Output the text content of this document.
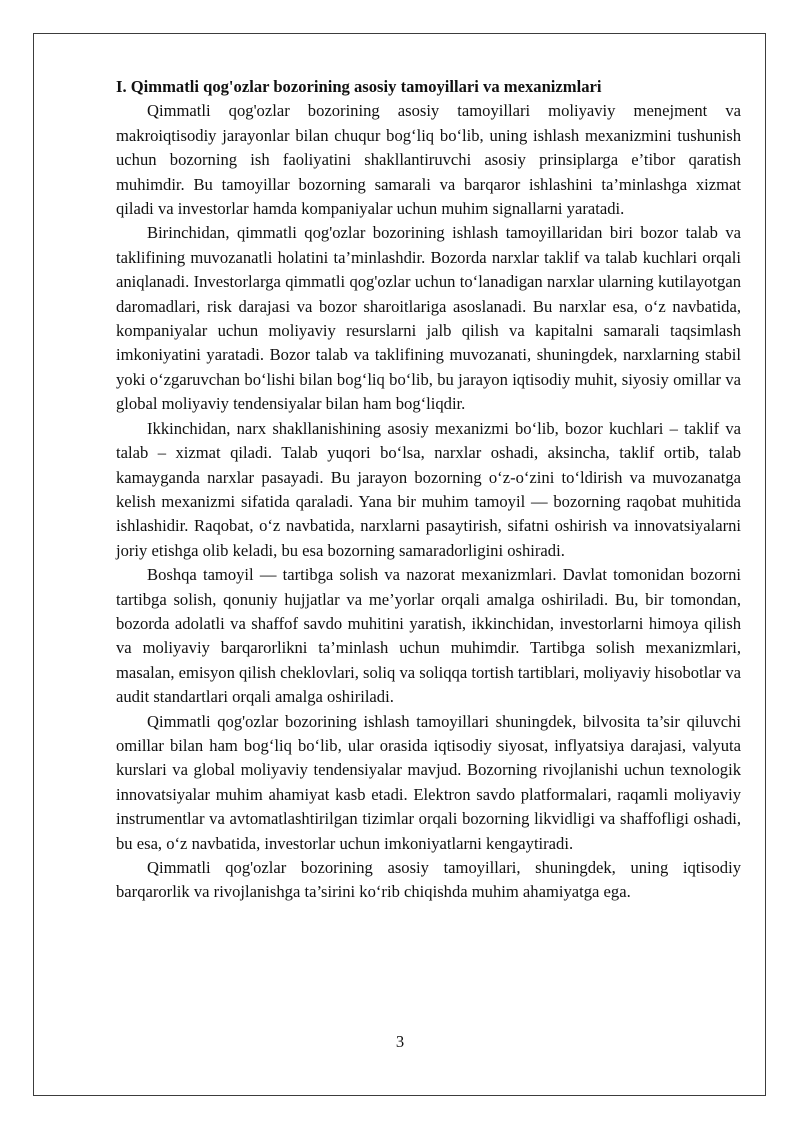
I. Qimmatli qog'ozlar bozorining asosiy tamoyillari va mexanizmlari

Qimmatli qog'ozlar bozorining asosiy tamoyillari moliyaviy menejment va makroiqtisodiy jarayonlar bilan chuqur bog‘liq bo‘lib, uning ishlash mexanizmini tushunish uchun bozorning ish faoliyatini shakllantiruvchi asosiy prinsiplarga e’tibor qaratish muhimdir. Bu tamoyillar bozorning samarali va barqaror ishlashini ta’minlashga xizmat qiladi va investorlar hamda kompaniyalar uchun muhim signallarni yaratadi.

Birinchidan, qimmatli qog'ozlar bozorining ishlash tamoyillaridan biri bozor talab va taklifining muvozanatli holatini ta’minlashdir. Bozorda narxlar taklif va talab kuchlari orqali aniqlanadi. Investorlarga qimmatli qog'ozlar uchun to‘lanadigan narxlar ularning kutilayotgan daromadlari, risk darajasi va bozor sharoitlariga asoslanadi. Bu narxlar esa, o‘z navbatida, kompaniyalar uchun moliyaviy resurslarni jalb qilish va kapitalni samarali taqsimlash imkoniyatini yaratadi. Bozor talab va taklifining muvozanati, shuningdek, narxlarning stabil yoki o‘zgaruvchan bo‘lishi bilan bog‘liq bo‘lib, bu jarayon iqtisodiy muhit, siyosiy omillar va global moliyaviy tendensiyalar bilan ham bog‘liqdir.

Ikkinchidan, narx shakllanishining asosiy mexanizmi bo‘lib, bozor kuchlari – taklif va talab – xizmat qiladi. Talab yuqori bo‘lsa, narxlar oshadi, aksincha, taklif ortib, talab kamayganda narxlar pasayadi. Bu jarayon bozorning o‘z-o‘zini to‘ldirish va muvozanatga kelish mexanizmi sifatida qaraladi. Yana bir muhim tamoyil — bozorning raqobat muhitida ishlashidir. Raqobat, o‘z navbatida, narxlarni pasaytirish, sifatni oshirish va innovatsiyalarni joriy etishga olib keladi, bu esa bozorning samaradorligini oshiradi.

Boshqa tamoyil — tartibga solish va nazorat mexanizmlari. Davlat tomonidan bozorni tartibga solish, qonuniy hujjatlar va me’yorlar orqali amalga oshiriladi. Bu, bir tomondan, bozorda adolatli va shaffof savdo muhitini yaratish, ikkinchidan, investorlarni himoya qilish va moliyaviy barqarorlikni ta’minlash uchun muhimdir. Tartibga solish mexanizmlari, masalan, emisyon qilish cheklovlari, soliq va soliqqa tortish tartiblari, moliyaviy hisobotlar va audit standartlari orqali amalga oshiriladi.

Qimmatli qog'ozlar bozorining ishlash tamoyillari shuningdek, bilvosita ta’sir qiluvchi omillar bilan ham bog‘liq bo‘lib, ular orasida iqtisodiy siyosat, inflyatsiya darajasi, valyuta kurslari va global moliyaviy tendensiyalar mavjud. Bozorning rivojlanishi uchun texnologik innovatsiyalar muhim ahamiyat kasb etadi. Elektron savdo platformalari, raqamli moliyaviy instrumentlar va avtomatlashtirilgan tizimlar orqali bozorning likvidligi va shaffofligi oshadi, bu esa, o‘z navbatida, investorlar uchun imkoniyatlarni kengaytiradi.

Qimmatli qog'ozlar bozorining asosiy tamoyillari, shuningdek, uning iqtisodiy barqarorlik va rivojlanishga ta’sirini ko‘rib chiqishda muhim ahamiyatga ega.

3
